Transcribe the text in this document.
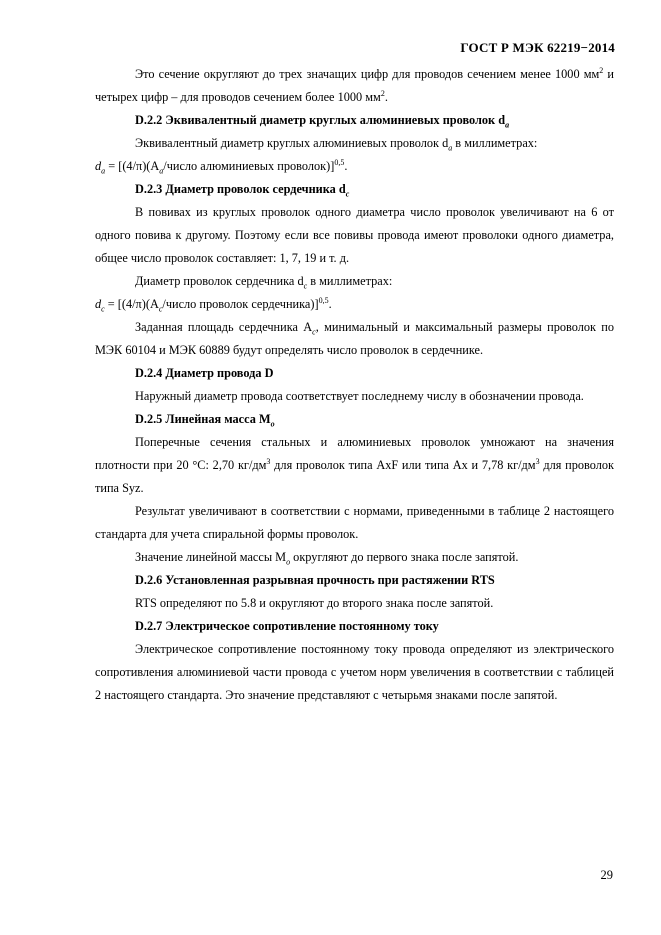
ГОСТ Р МЭК 62219−2014

Это сечение округляют до трех значащих цифр для проводов сечением менее 1000 $мм^2$ и четырех цифр – для проводов сечением более 1000 $мм^2$.

D.2.2 Эквивалентный диаметр круглых алюминиевых проволок $d_a$

Эквивалентный диаметр круглых алюминиевых проволок $d_a$ в миллиметрах:

$d_a$ = [$(4/\pi)(A_a$/число алюминиевых проволок)]$^{0,5}$.

D.2.3 Диаметр проволок сердечника $d_c$

В повивах из круглых проволок одного диаметра число проволок увеличивают на 6 от одного повива к другому. Поэтому если все повивы провода имеют проволоки одного диаметра, общее число проволок составляет: 1, 7, 19 и т. д.

Диаметр проволок сердечника $d_c$ в миллиметрах:

$d_c$ = [$(4/\pi)(A_c$/число проволок сердечника)]$^{0,5}$.

Заданная площадь сердечника $A_c$, минимальный и максимальный размеры проволок по МЭК 60104 и МЭК 60889 будут определять число проволок в сердечнике.

D.2.4 Диаметр провода D

Наружный диаметр провода соответствует последнему числу в обозначении провода.

D.2.5 Линейная масса $M_o$

Поперечные сечения стальных и алюминиевых проволок умножают на значения плотности при 20 °С: 2,70 $кг/дм^3$ для проволок типа AxF или типа Ax и 7,78 $кг/дм^3$ для проволок типа Syz.

Результат увеличивают в соответствии с нормами, приведенными в таблице 2 настоящего стандарта для учета спиральной формы проволок.

Значение линейной массы $M_o$ округляют до первого знака после запятой.

D.2.6 Установленная разрывная прочность при растяжении RTS

RTS определяют по 5.8 и округляют до второго знака после запятой.

D.2.7 Электрическое сопротивление постоянному току

Электрическое сопротивление постоянному току провода определяют из электрического сопротивления алюминиевой части провода с учетом норм увеличения в соответствии с таблицей 2 настоящего стандарта. Это значение представляют с четырьмя знаками после запятой.

29
